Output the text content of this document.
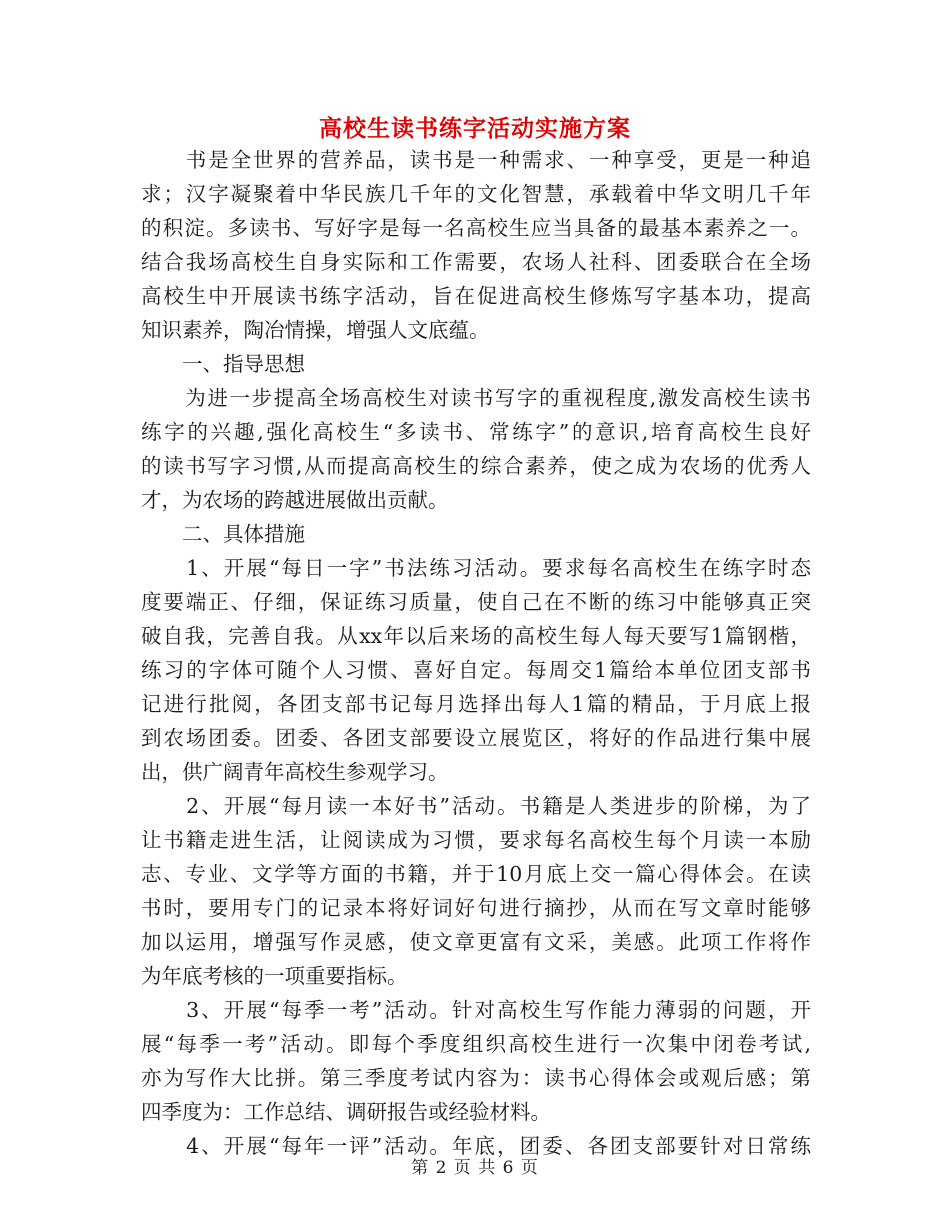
高校生读书练字活动实施方案
　　书是全世界的营养品，读书是一种需求、一种享受，更是一种追
求；汉字凝聚着中华民族几千年的文化智慧，承载着中华文明几千年
的积淀。多读书、写好字是每一名高校生应当具备的最基本素养之一。
结合我场高校生自身实际和工作需要，农场人社科、团委联合在全场
高校生中开展读书练字活动，旨在促进高校生修炼写字基本功，提高
知识素养，陶冶情操，增强人文底蕴。
　　一、指导思想
　　为进一步提高全场高校生对读书写字的重视程度,激发高校生读书
练字的兴趣,强化高校生“多读书、常练字”的意识,培育高校生良好
的读书写字习惯,从而提高高校生的综合素养，使之成为农场的优秀人
才，为农场的跨越进展做出贡献。
　　二、具体措施
　　1、开展“每日一字”书法练习活动。要求每名高校生在练字时态
度要端正、仔细，保证练习质量，使自己在不断的练习中能够真正突
破自我，完善自我。从xx年以后来场的高校生每人每天要写1篇钢楷，
练习的字体可随个人习惯、喜好自定。每周交1篇给本单位团支部书
记进行批阅，各团支部书记每月选择出每人1篇的精品，于月底上报
到农场团委。团委、各团支部要设立展览区，将好的作品进行集中展
出，供广阔青年高校生参观学习。
　　2、开展“每月读一本好书”活动。书籍是人类进步的阶梯，为了
让书籍走进生活，让阅读成为习惯，要求每名高校生每个月读一本励
志、专业、文学等方面的书籍，并于10月底上交一篇心得体会。在读
书时，要用专门的记录本将好词好句进行摘抄，从而在写文章时能够
加以运用，增强写作灵感，使文章更富有文采，美感。此项工作将作
为年底考核的一项重要指标。
　　3、开展“每季一考”活动。针对高校生写作能力薄弱的问题，开
展“每季一考”活动。即每个季度组织高校生进行一次集中闭卷考试,
亦为写作大比拼。第三季度考试内容为：读书心得体会或观后感；第
四季度为：工作总结、调研报告或经验材料。
　　4、开展“每年一评”活动。年底，团委、各团支部要针对日常练
第 2 页 共 6 页
